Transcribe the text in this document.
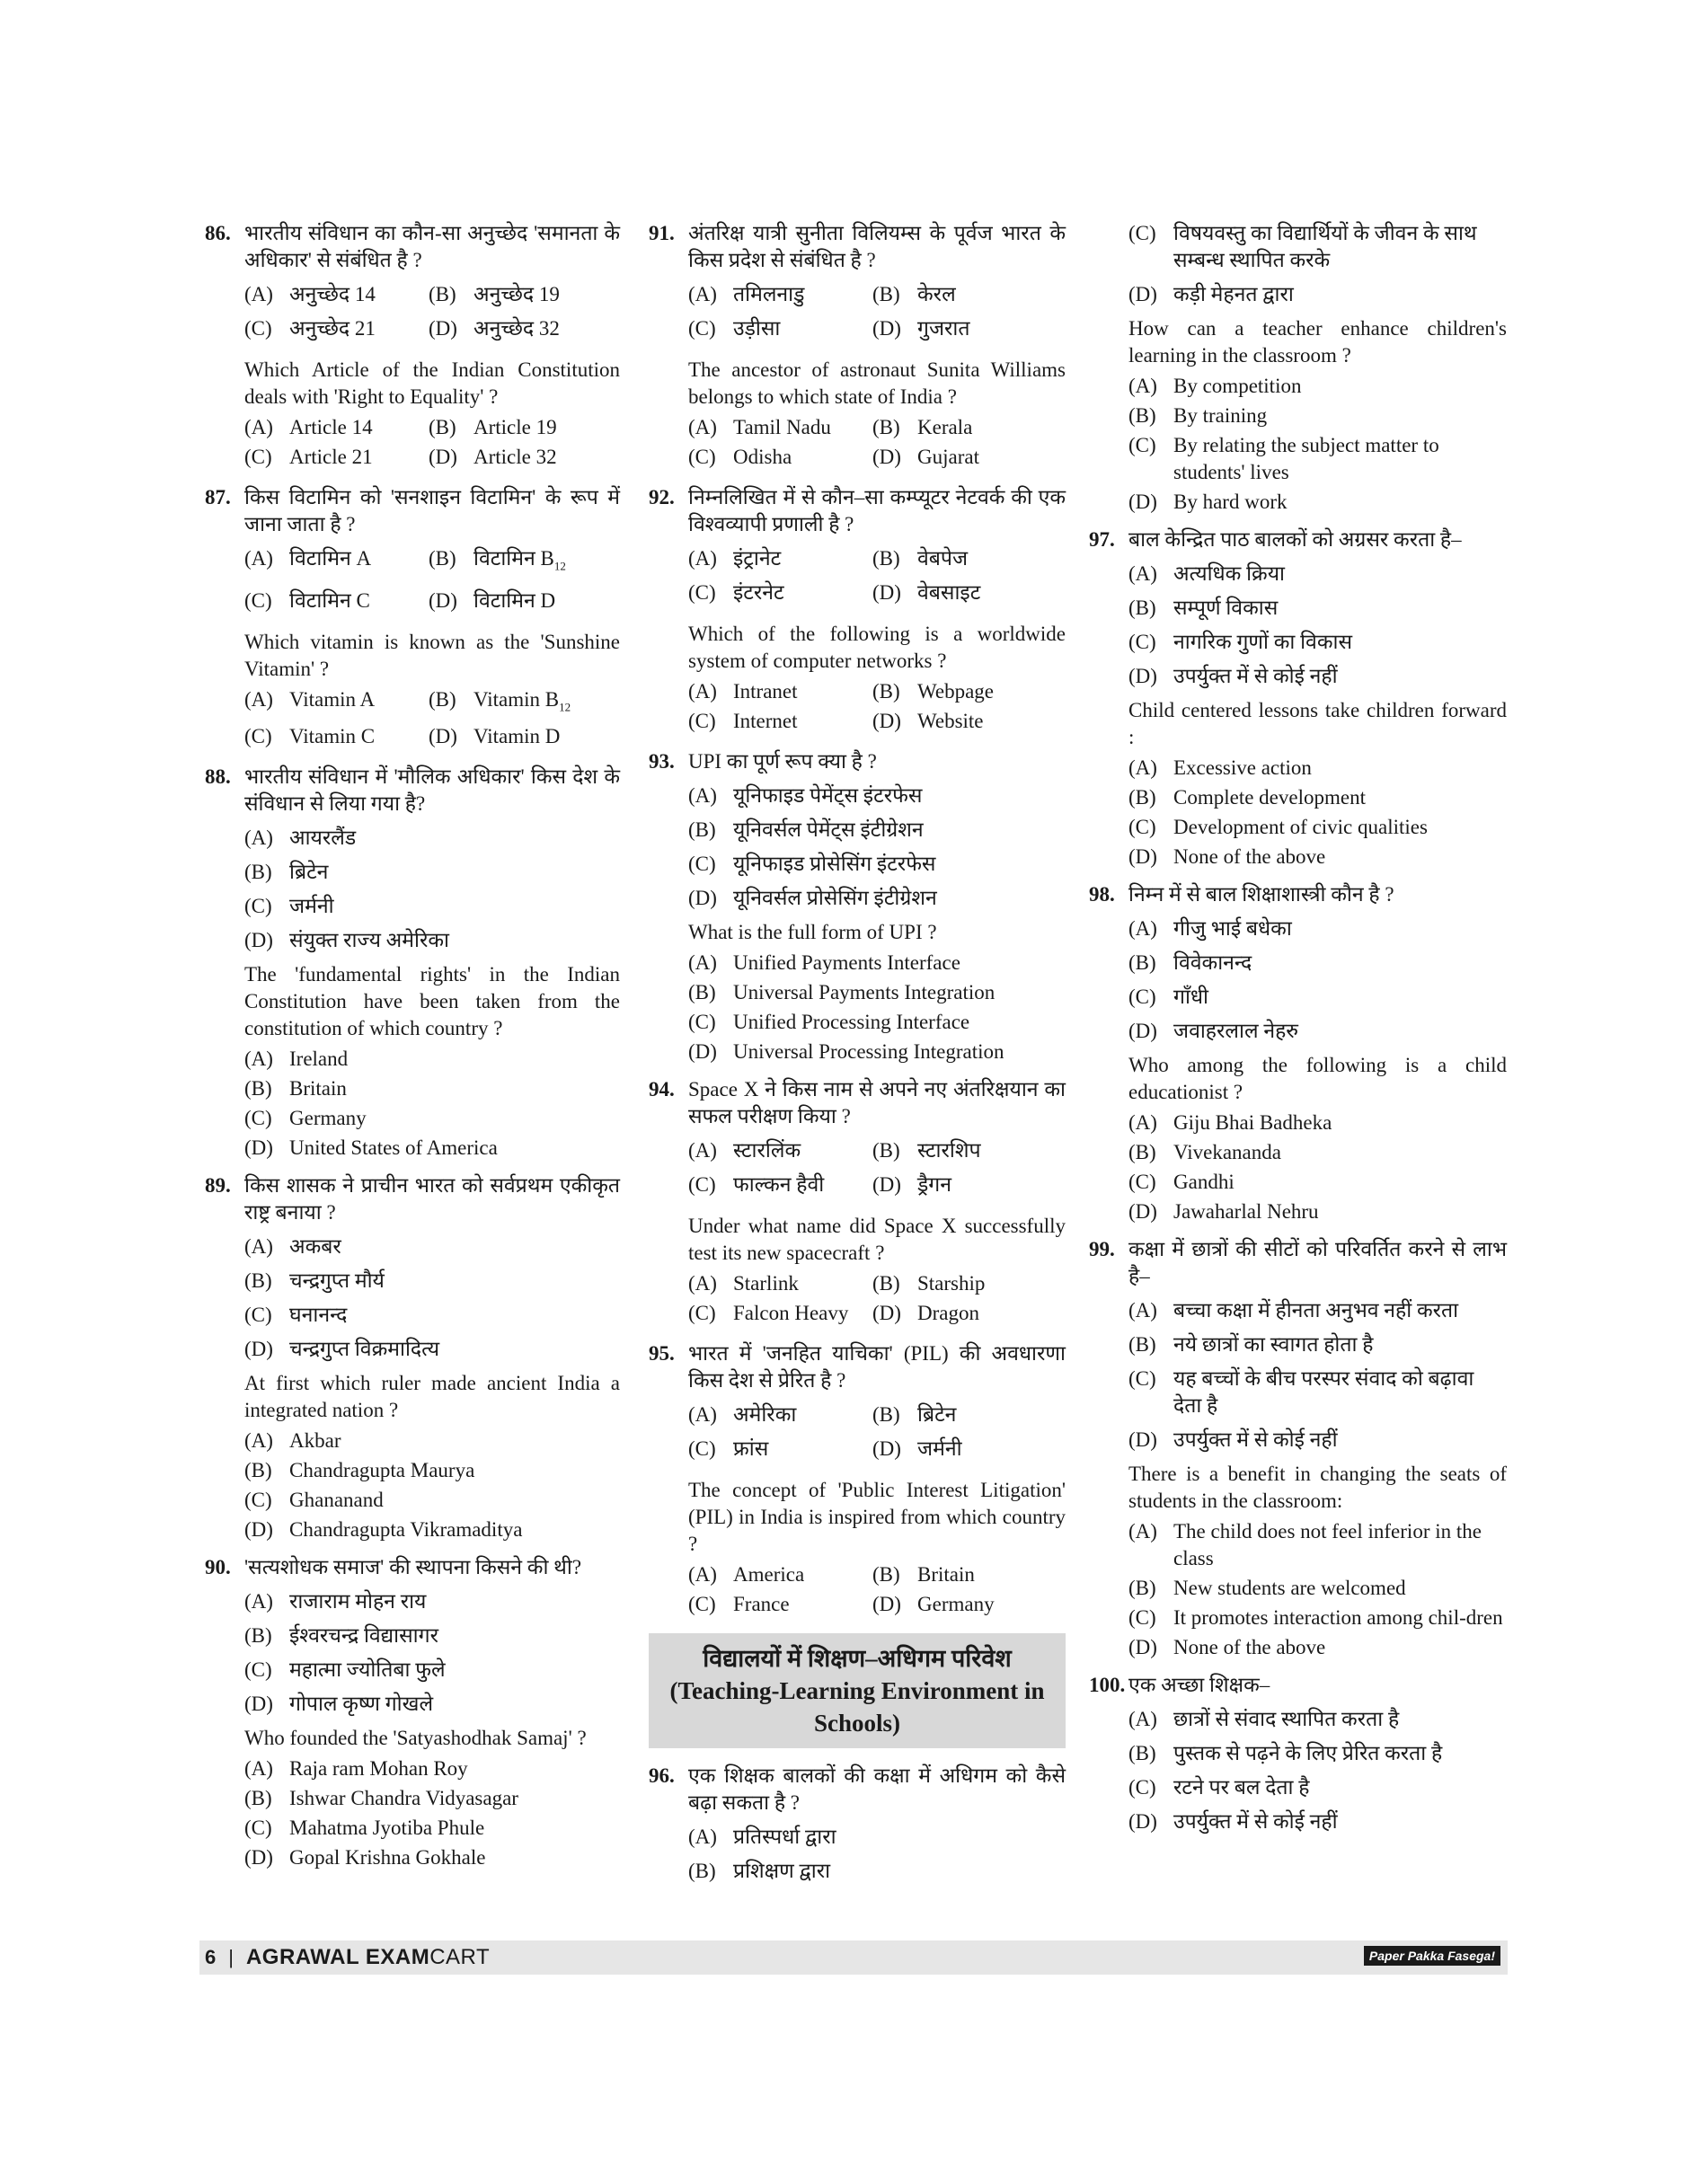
86. भारतीय संविधान का कौन-सा अनुच्छेद 'समानता के अधिकार' से संबंधित है ?
(A) अनुच्छेद 14	(B) अनुच्छेद 19
(C) अनुच्छेद 21	(D) अनुच्छेद 32
Which Article of the Indian Constitution deals with 'Right to Equality' ?
(A) Article 14	(B) Article 19
(C) Article 21	(D) Article 32
87. किस विटामिन को 'सनशाइन विटामिन' के रूप में जाना जाता है ?
(A) विटामिन A	(B) विटामिन $B_{12}$
(C) विटामिन C	(D) विटामिन D
Which vitamin is known as the 'Sunshine Vitamin' ?
(A) Vitamin A	(B) Vitamin $B_{12}$
(C) Vitamin C	(D) Vitamin D
88. भारतीय संविधान में 'मौलिक अधिकार' किस देश के संविधान से लिया गया है?
(A) आयरलैंड
(B) ब्रिटेन
(C) जर्मनी
(D) संयुक्त राज्य अमेरिका
The 'fundamental rights' in the Indian Constitution have been taken from the constitution of which country ?
(A) Ireland
(B) Britain
(C) Germany
(D) United States of America
89. किस शासक ने प्राचीन भारत को सर्वप्रथम एकीकृत राष्ट्र बनाया ?
(A) अकबर
(B) चन्द्रगुप्त मौर्य
(C) घनानन्द
(D) चन्द्रगुप्त विक्रमादित्य
At first which ruler made ancient India a integrated nation ?
(A) Akbar
(B) Chandragupta Maurya
(C) Ghananand
(D) Chandragupta Vikramaditya
90. 'सत्यशोधक समाज' की स्थापना किसने की थी?
(A) राजाराम मोहन राय
(B) ईश्वरचन्द्र विद्यासागर
(C) महात्मा ज्योतिबा फुले
(D) गोपाल कृष्ण गोखले
Who founded the 'Satyashodhak Samaj' ?
(A) Raja ram Mohan Roy
(B) Ishwar Chandra Vidyasagar
(C) Mahatma Jyotiba Phule
(D) Gopal Krishna Gokhale
91. अंतरिक्ष यात्री सुनीता विलियम्स के पूर्वज भारत के किस प्रदेश से संबंधित है ?
(A) तमिलनाडु	(B) केरल
(C) उड़ीसा	(D) गुजरात
The ancestor of astronaut Sunita Williams belongs to which state of India ?
(A) Tamil Nadu	(B) Kerala
(C) Odisha	(D) Gujarat
92. निम्नलिखित में से कौन–सा कम्प्यूटर नेटवर्क की एक विश्वव्यापी प्रणाली है ?
(A) इंट्रानेट	(B) वेबपेज
(C) इंटरनेट	(D) वेबसाइट
Which of the following is a worldwide system of computer networks ?
(A) Intranet	(B) Webpage
(C) Internet	(D) Website
93. UPI का पूर्ण रूप क्या है ?
(A) यूनिफाइड पेमेंट्स इंटरफेस
(B) यूनिवर्सल पेमेंट्स इंटीग्रेशन
(C) यूनिफाइड प्रोसेसिंग इंटरफेस
(D) यूनिवर्सल प्रोसेसिंग इंटीग्रेशन
What is the full form of UPI ?
(A) Unified Payments Interface
(B) Universal Payments Integration
(C) Unified Processing Interface
(D) Universal Processing Integration
94. Space X ने किस नाम से अपने नए अंतरिक्षयान का सफल परीक्षण किया ?
(A) स्टारलिंक	(B) स्टारशिप
(C) फाल्कन हैवी	(D) ड्रैगन
Under what name did Space X successfully test its new spacecraft ?
(A) Starlink	(B) Starship
(C) Falcon Heavy	(D) Dragon
95. भारत में 'जनहित याचिका' (PIL) की अवधारणा किस देश से प्रेरित है ?
(A) अमेरिका	(B) ब्रिटेन
(C) फ्रांस	(D) जर्मनी
The concept of 'Public Interest Litigation' (PIL) in India is inspired from which country ?
(A) America	(B) Britain
(C) France	(D) Germany
विद्यालयों में शिक्षण–अधिगम परिवेश
(Teaching-Learning Environment in Schools)
96. एक शिक्षक बालकों की कक्षा में अधिगम को कैसे बढ़ा सकता है ?
(A) प्रतिस्पर्धा द्वारा
(B) प्रशिक्षण द्वारा
(C) विषयवस्तु का विद्यार्थियों के जीवन के साथ सम्बन्ध स्थापित करके
(D) कड़ी मेहनत द्वारा
How can a teacher enhance children's learning in the classroom ?
(A) By competition
(B) By training
(C) By relating the subject matter to students' lives
(D) By hard work
97. बाल केन्द्रित पाठ बालकों को अग्रसर करता है–
(A) अत्यधिक क्रिया
(B) सम्पूर्ण विकास
(C) नागरिक गुणों का विकास
(D) उपर्युक्त में से कोई नहीं
Child centered lessons take children forward :
(A) Excessive action
(B) Complete development
(C) Development of civic qualities
(D) None of the above
98. निम्न में से बाल शिक्षाशास्त्री कौन है ?
(A) गीजु भाई बधेका
(B) विवेकानन्द
(C) गाँधी
(D) जवाहरलाल नेहरु
Who among the following is a child educationist ?
(A) Giju Bhai Badheka
(B) Vivekananda
(C) Gandhi
(D) Jawaharlal Nehru
99. कक्षा में छात्रों की सीटों को परिवर्तित करने से लाभ है–
(A) बच्चा कक्षा में हीनता अनुभव नहीं करता
(B) नये छात्रों का स्वागत होता है
(C) यह बच्चों के बीच परस्पर संवाद को बढ़ावा देता है
(D) उपर्युक्त में से कोई नहीं
There is a benefit in changing the seats of students in the classroom:
(A) The child does not feel inferior in the class
(B) New students are welcomed
(C) It promotes interaction among chil-dren
(D) None of the above
100. एक अच्छा शिक्षक–
(A) छात्रों से संवाद स्थापित करता है
(B) पुस्तक से पढ़ने के लिए प्रेरित करता है
(C) रटने पर बल देता है
(D) उपर्युक्त में से कोई नहीं
6 | AGRAWAL EXAMCART	Paper Pakka Fasega!
